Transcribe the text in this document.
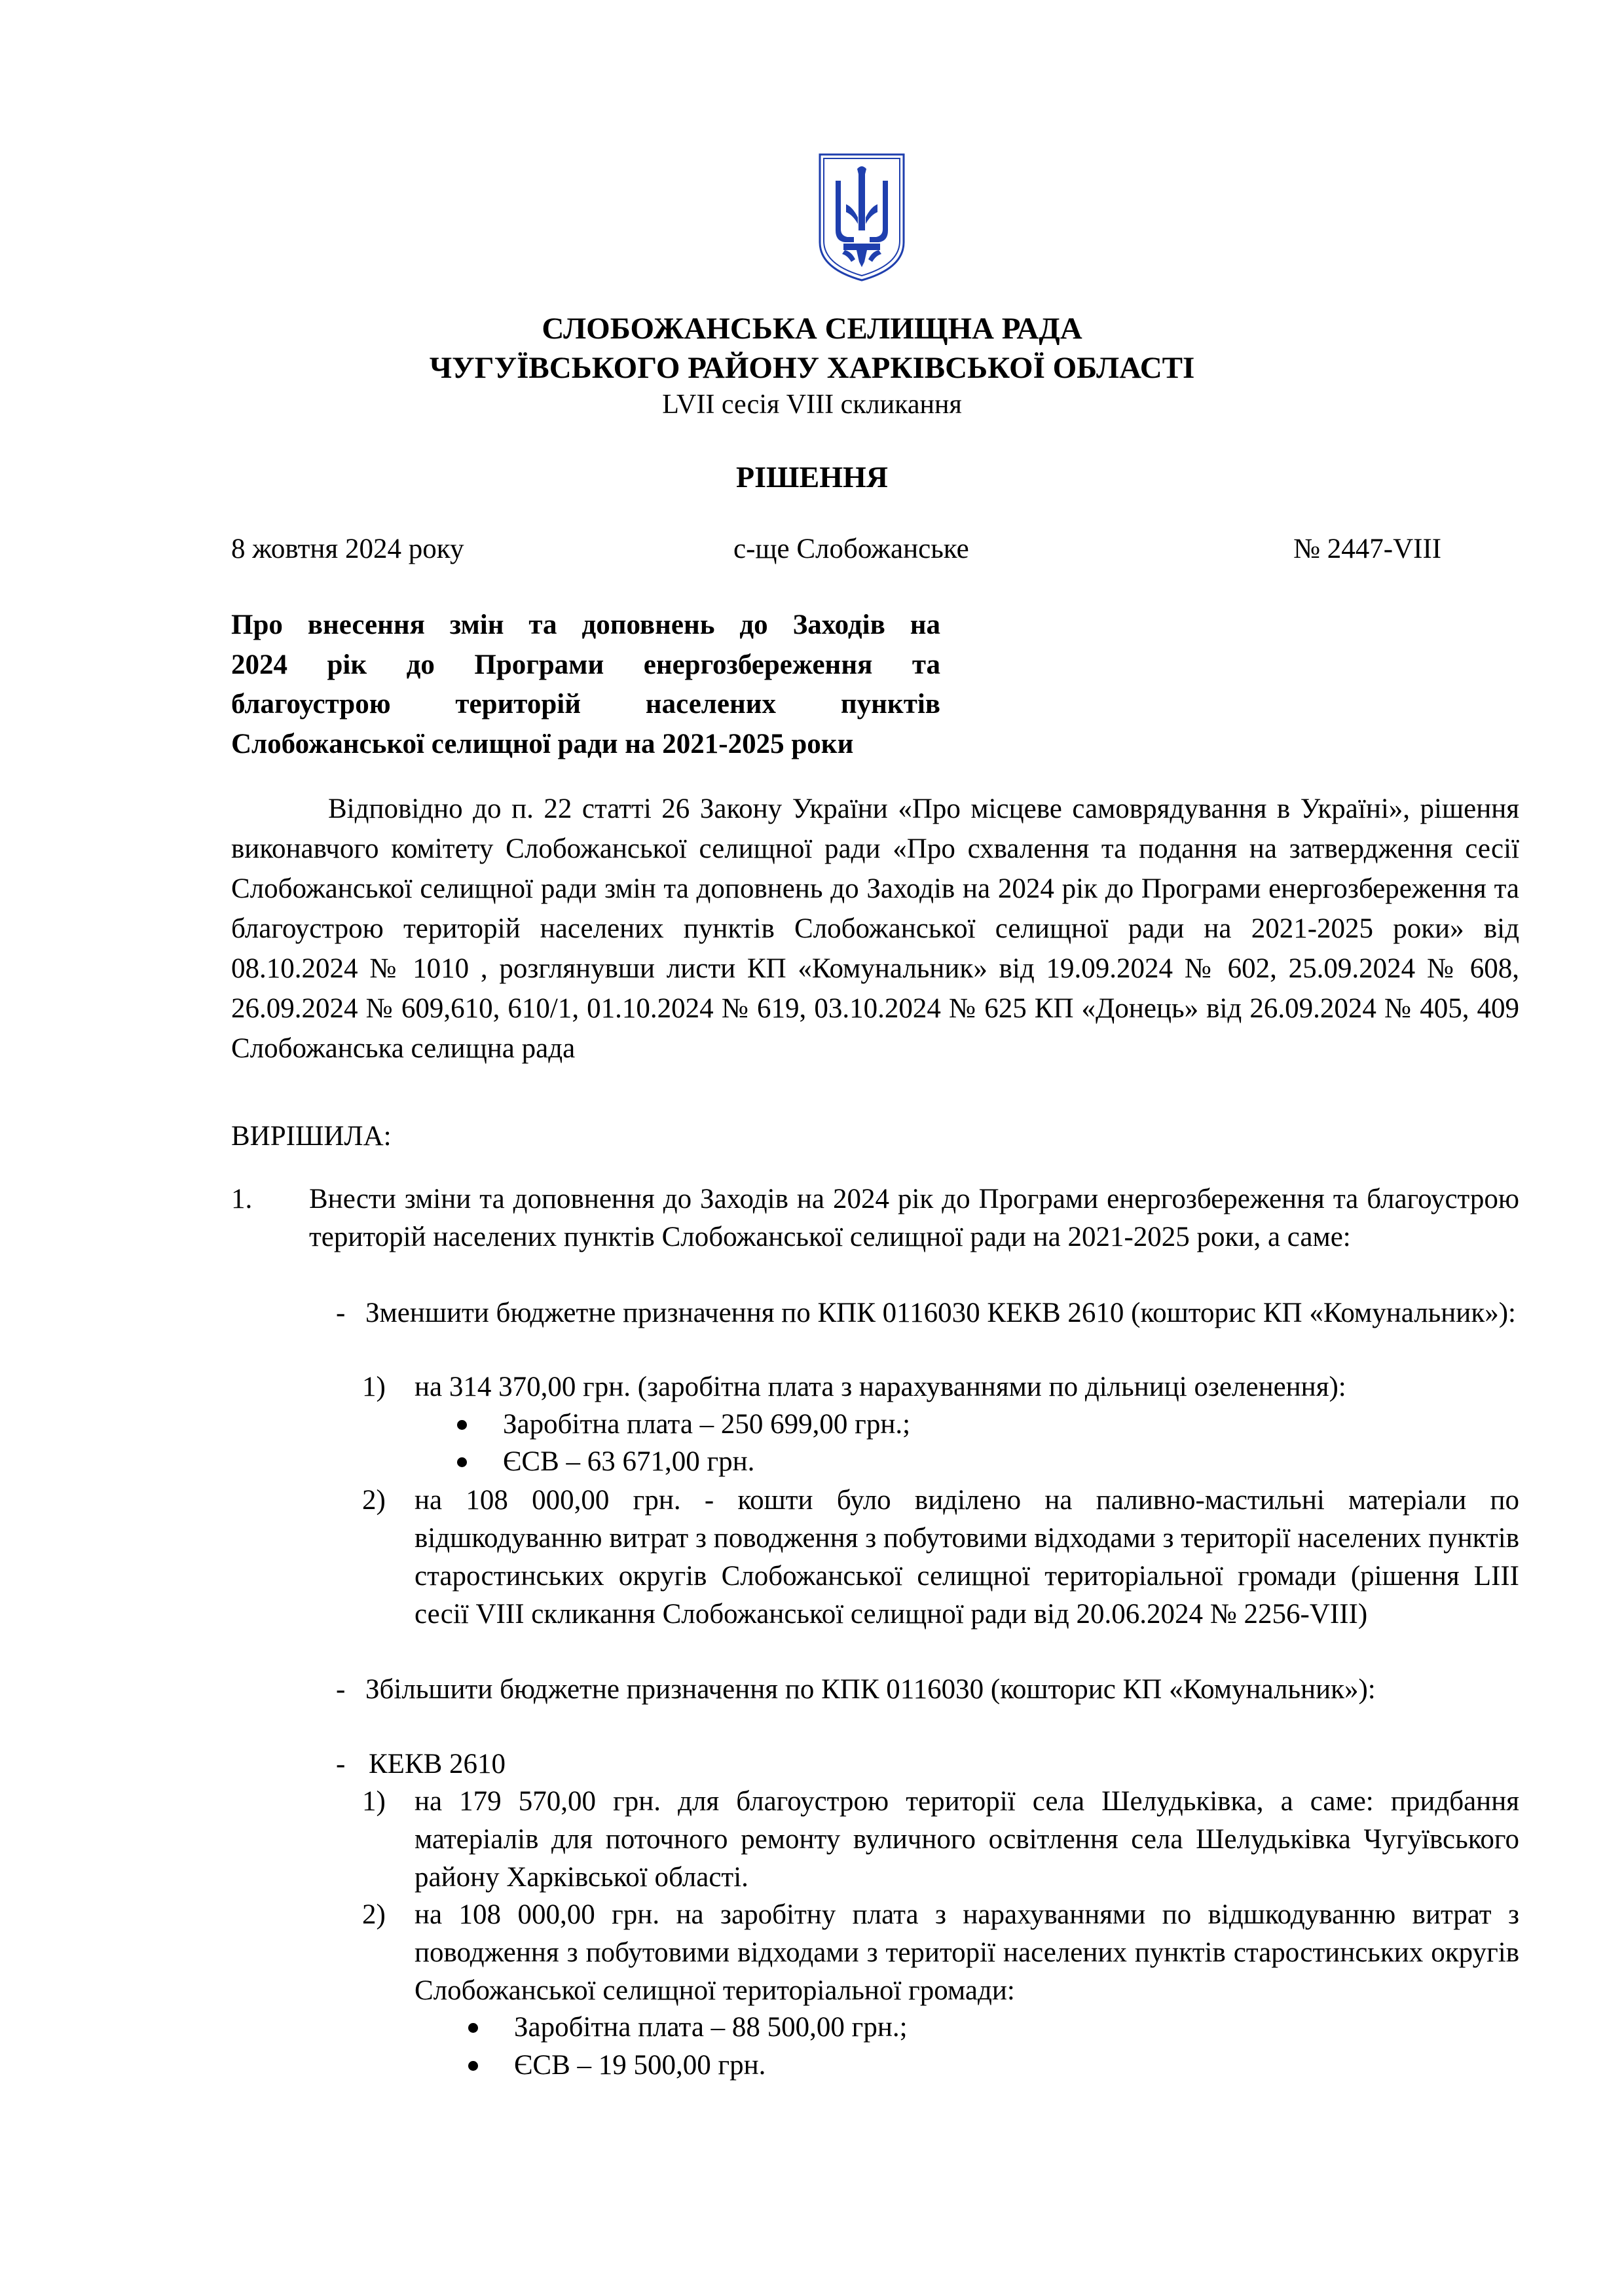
СЛОБОЖАНСЬКА СЕЛИЩНА РАДА
ЧУГУЇВСЬКОГО РАЙОНУ ХАРКІВСЬКОЇ ОБЛАСТІ
LVII сесія VIII скликання
РІШЕННЯ
8 жовтня 2024 року	с-ще Слобожанське	№ 2447-VIII
Про внесення змін та доповнень до Заходів на
2024 рік до Програми енергозбереження та
благоустрою територій населених пунктів
Слобожанської селищної ради на 2021-2025 роки
Відповідно до п. 22 статті 26 Закону України «Про місцеве самоврядування в Україні», рішення виконавчого комітету Слобожанської селищної ради «Про схвалення та подання на затвердження сесії Слобожанської селищної ради змін та доповнень до Заходів на 2024 рік до Програми енергозбереження та благоустрою територій населених пунктів Слобожанської селищної ради на 2021-2025 роки» від 08.10.2024 № 1010 , розглянувши листи КП «Комунальник» від 19.09.2024 № 602, 25.09.2024 № 608, 26.09.2024 № 609,610, 610/1, 01.10.2024 № 619, 03.10.2024 № 625 КП «Донець» від 26.09.2024 № 405, 409 Слобожанська селищна рада
ВИРІШИЛА:
1. Внести зміни та доповнення до Заходів на 2024 рік до Програми енергозбереження та благоустрою територій населених пунктів Слобожанської селищної ради на 2021-2025 роки, а саме:
- Зменшити бюджетне призначення по КПК 0116030 КЕКВ 2610 (кошторис КП «Комунальник»):
1) на 314 370,00 грн. (заробітна плата з нарахуваннями по дільниці озеленення):
Заробітна плата – 250 699,00 грн.;
ЄСВ – 63 671,00 грн.
2) на 108 000,00 грн. - кошти було виділено на паливно-мастильні матеріали по відшкодуванню витрат з поводження з побутовими відходами з території населених пунктів старостинських округів Слобожанської селищної територіальної громади (рішення LIII сесії VIII скликання Слобожанської селищної ради від 20.06.2024 № 2256-VIII)
- Збільшити бюджетне призначення по КПК 0116030 (кошторис КП «Комунальник»):
- КЕКВ 2610
1) на 179 570,00 грн. для благоустрою території села Шелудьківка, а саме: придбання матеріалів для поточного ремонту вуличного освітлення села Шелудьківка Чугуївського району Харківської області.
2) на 108 000,00 грн. на заробітну плата з нарахуваннями по відшкодуванню витрат з поводження з побутовими відходами з території населених пунктів старостинських округів Слобожанської селищної територіальної громади:
Заробітна плата – 88 500,00 грн.;
ЄСВ – 19 500,00 грн.
